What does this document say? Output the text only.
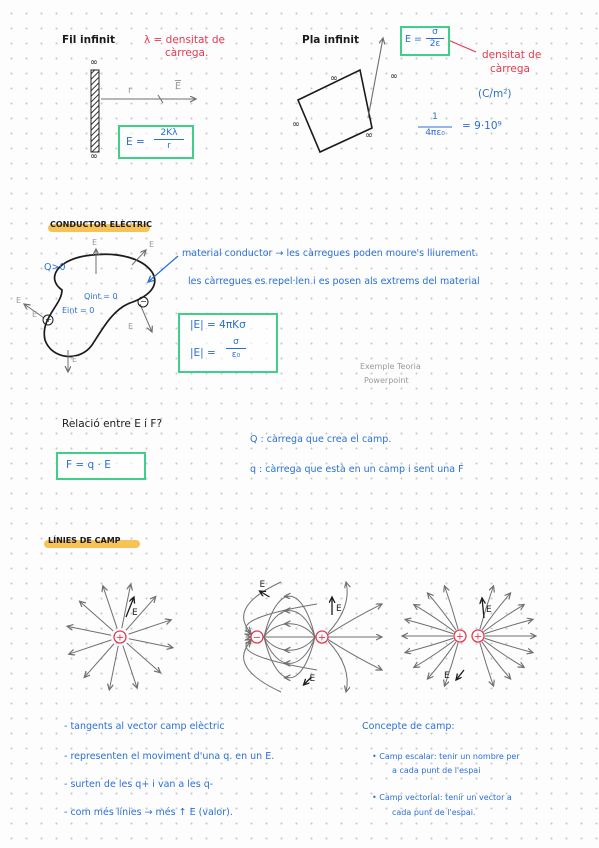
E
+
E
E
E
−	+
E
E
+ +
Fil infinit	λ = densitat de
càrrega.
∞
∞
r	$\overline{E}$
E =
2Kλ
r
Pla infinit	E =
σ
2ε
densitat de
càrrega
(C/m²)
∞	∞
∞
∞
1
4πε₀
= 9·10⁹
CONDUCTOR ELÈCTRIC
Q>0
Qint = 0
Eint = 0
E	E
E
E
E
E
+
−
material conductor → les càrregues poden moure's lliurement.
les càrregues es repel·len i es posen als extrems del material
|E| = 4πKσ
|E| =
σ
ε₀
Exemple Teoria
Powerpoint
Relació entre E i F?
F = q · E
Q : càrrega que crea el camp.
q : càrrega que està en un camp i sent una F
LÍNIES DE CAMP
- tangents al vector camp elèctric
- representen el moviment d'una q. en un E.
- surten de les q+ i van a les q-
- com més línies → més ↑ E (valor).
Concepte de camp:
• Camp escalar: tenir un nombre per
a cada punt de l'espai
• Camp vectorial: tenir un vector a
cada punt de l'espai.
